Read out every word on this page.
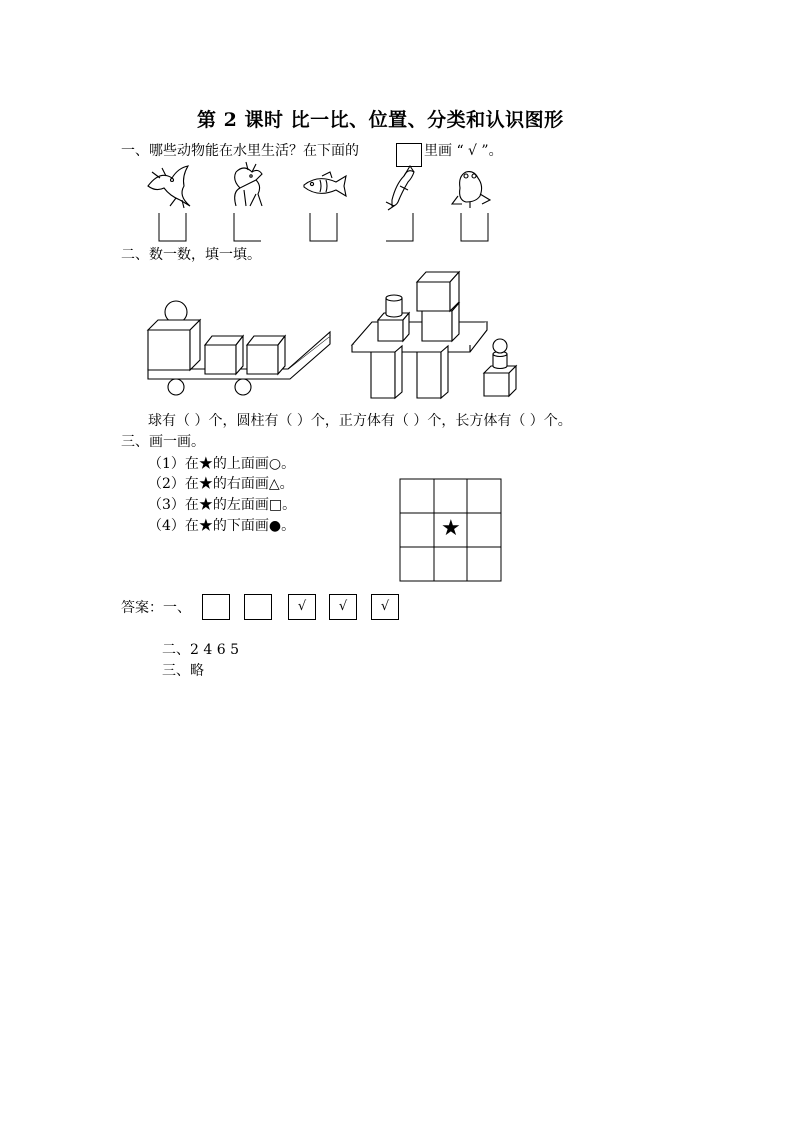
第 2 课时 比一比、位置、分类和认识图形
一、哪些动物能在水里生活？在下面的	里画 “ √ ”。
二、数一数，填一填。
球有（ ）个，圆柱有（ ）个，正方体有（ ）个，长方体有（ ）个。
三、画一画。
（1）在★的上面画○。
（2）在★的右面画△。
（3）在★的左面画□。
（4）在★的下面画●。	★
答案：一、	√	√	√
二、2 4 6 5
三、略
